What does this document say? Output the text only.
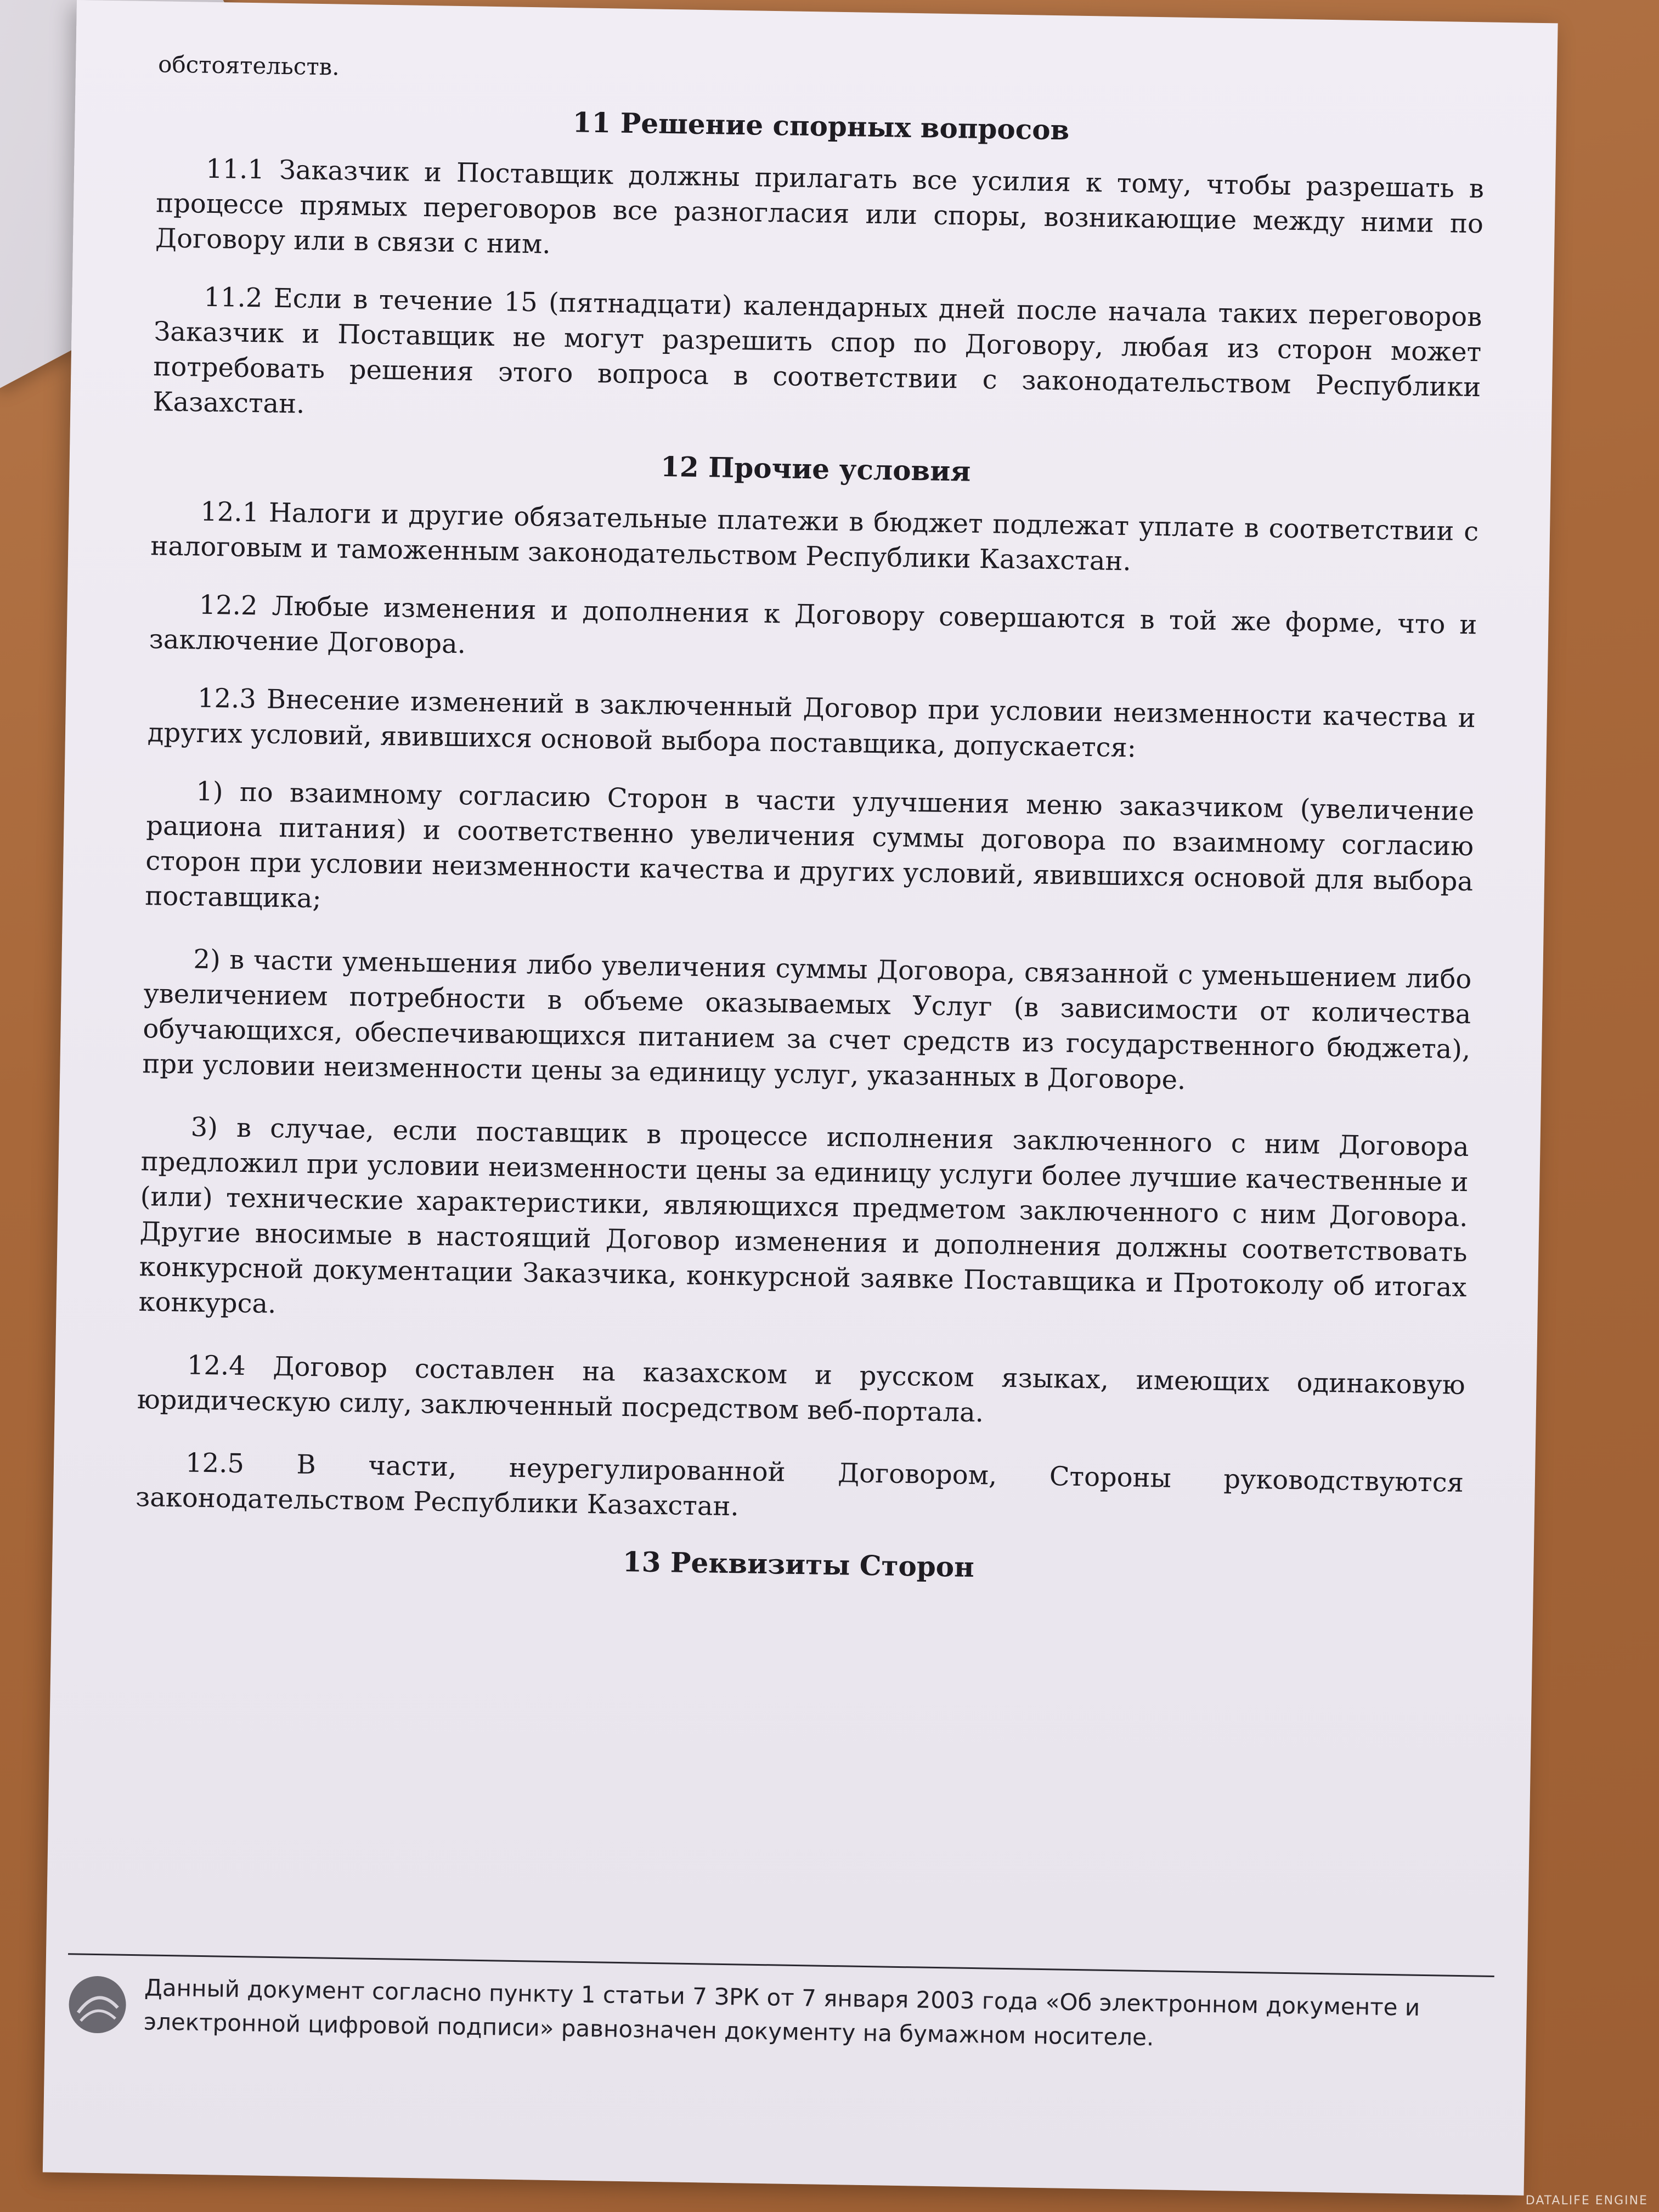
обстоятельств.

11 Решение спорных вопросов

11.1 Заказчик и Поставщик должны прилагать все усилия к тому, чтобы разрешать в процессе прямых переговоров все разногласия или споры, возникающие между ними по Договору или в связи с ним.

11.2 Если в течение 15 (пятнадцати) календарных дней после начала таких переговоров Заказчик и Поставщик не могут разрешить спор по Договору, любая из сторон может потребовать решения этого вопроса в соответствии с законодательством Республики Казахстан.

12 Прочие условия

12.1 Налоги и другие обязательные платежи в бюджет подлежат уплате в соответствии с налоговым и таможенным законодательством Республики Казахстан.

12.2 Любые изменения и дополнения к Договору совершаются в той же форме, что и заключение Договора.

12.3 Внесение изменений в заключенный Договор при условии неизменности качества и других условий, явившихся основой выбора поставщика, допускается:

1) по взаимному согласию Сторон в части улучшения меню заказчиком (увеличение рациона питания) и соответственно увеличения суммы договора по взаимному согласию сторон при условии неизменности качества и других условий, явившихся основой для выбора поставщика;

2) в части уменьшения либо увеличения суммы Договора, связанной с уменьшением либо увеличением потребности в объеме оказываемых Услуг (в зависимости от количества обучающихся, обеспечивающихся питанием за счет средств из государственного бюджета), при условии неизменности цены за единицу услуг, указанных в Договоре.

3) в случае, если поставщик в процессе исполнения заключенного с ним Договора предложил при условии неизменности цены за единицу услуги более лучшие качественные и (или) технические характеристики, являющихся предметом заключенного с ним Договора. Другие вносимые в настоящий Договор изменения и дополнения должны соответствовать конкурсной документации Заказчика, конкурсной заявке Поставщика и Протоколу об итогах конкурса.

12.4 Договор составлен на казахском и русском языках, имеющих одинаковую юридическую силу, заключенный посредством веб-портала.

12.5 В части, неурегулированной Договором, Стороны руководствуются законодательством Республики Казахстан.

13 Реквизиты Сторон
Данный документ согласно пункту 1 статьи 7 ЗРК от 7 января 2003 года «Об электронном документе и электронной цифровой подписи» равнозначен документу на бумажном носителе.
DATALIFE ENGINE
